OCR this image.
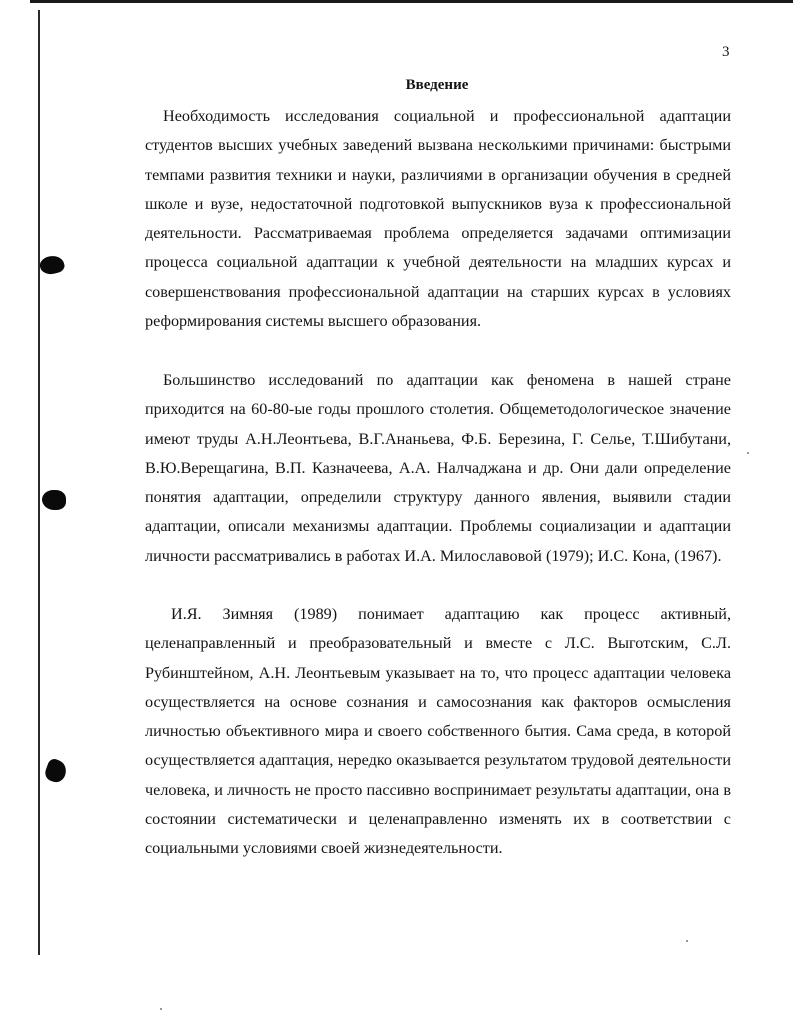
3
Введение

Необходимость исследования социальной и профессиональной адаптации студентов высших учебных заведений вызвана несколькими причинами: быстрыми темпами развития техники и науки, различиями в организации обучения в средней школе и вузе, недостаточной подготовкой выпускников вуза к профессиональной деятельности. Рассматриваемая проблема определяется задачами оптимизации процесса социальной адаптации к учебной деятельности на младших курсах и совершенствования профессиональной адаптации на старших курсах в условиях реформирования системы высшего образования.

Большинство исследований по адаптации как феномена в нашей стране приходится на 60-80-ые годы прошлого столетия. Общеметодологическое значение имеют труды А.Н.Леонтьева, В.Г.Ананьева, Ф.Б. Березина, Г. Селье, Т.Шибутани, В.Ю.Верещагина, В.П. Казначеева, А.А. Налчаджана и др. Они дали определение понятия адаптации, определили структуру данного явления, выявили стадии адаптации, описали механизмы адаптации. Проблемы социализации и адаптации личности рассматривались в работах И.А. Милославовой (1979); И.С. Кона, (1967).

И.Я. Зимняя (1989) понимает адаптацию как процесс активный, целенаправленный и преобразовательный и вместе с Л.С. Выготским, С.Л. Рубинштейном, А.Н. Леонтьевым указывает на то, что процесс адаптации человека осуществляется на основе сознания и самосознания как факторов осмысления личностью объективного мира и своего собственного бытия. Сама среда, в которой осуществляется адаптация, нередко оказывается результатом трудовой деятельности человека, и личность не просто пассивно воспринимает результаты адаптации, она в состоянии систематически и целенаправленно изменять их в соответствии с социальными условиями своей жизнедеятельности.
